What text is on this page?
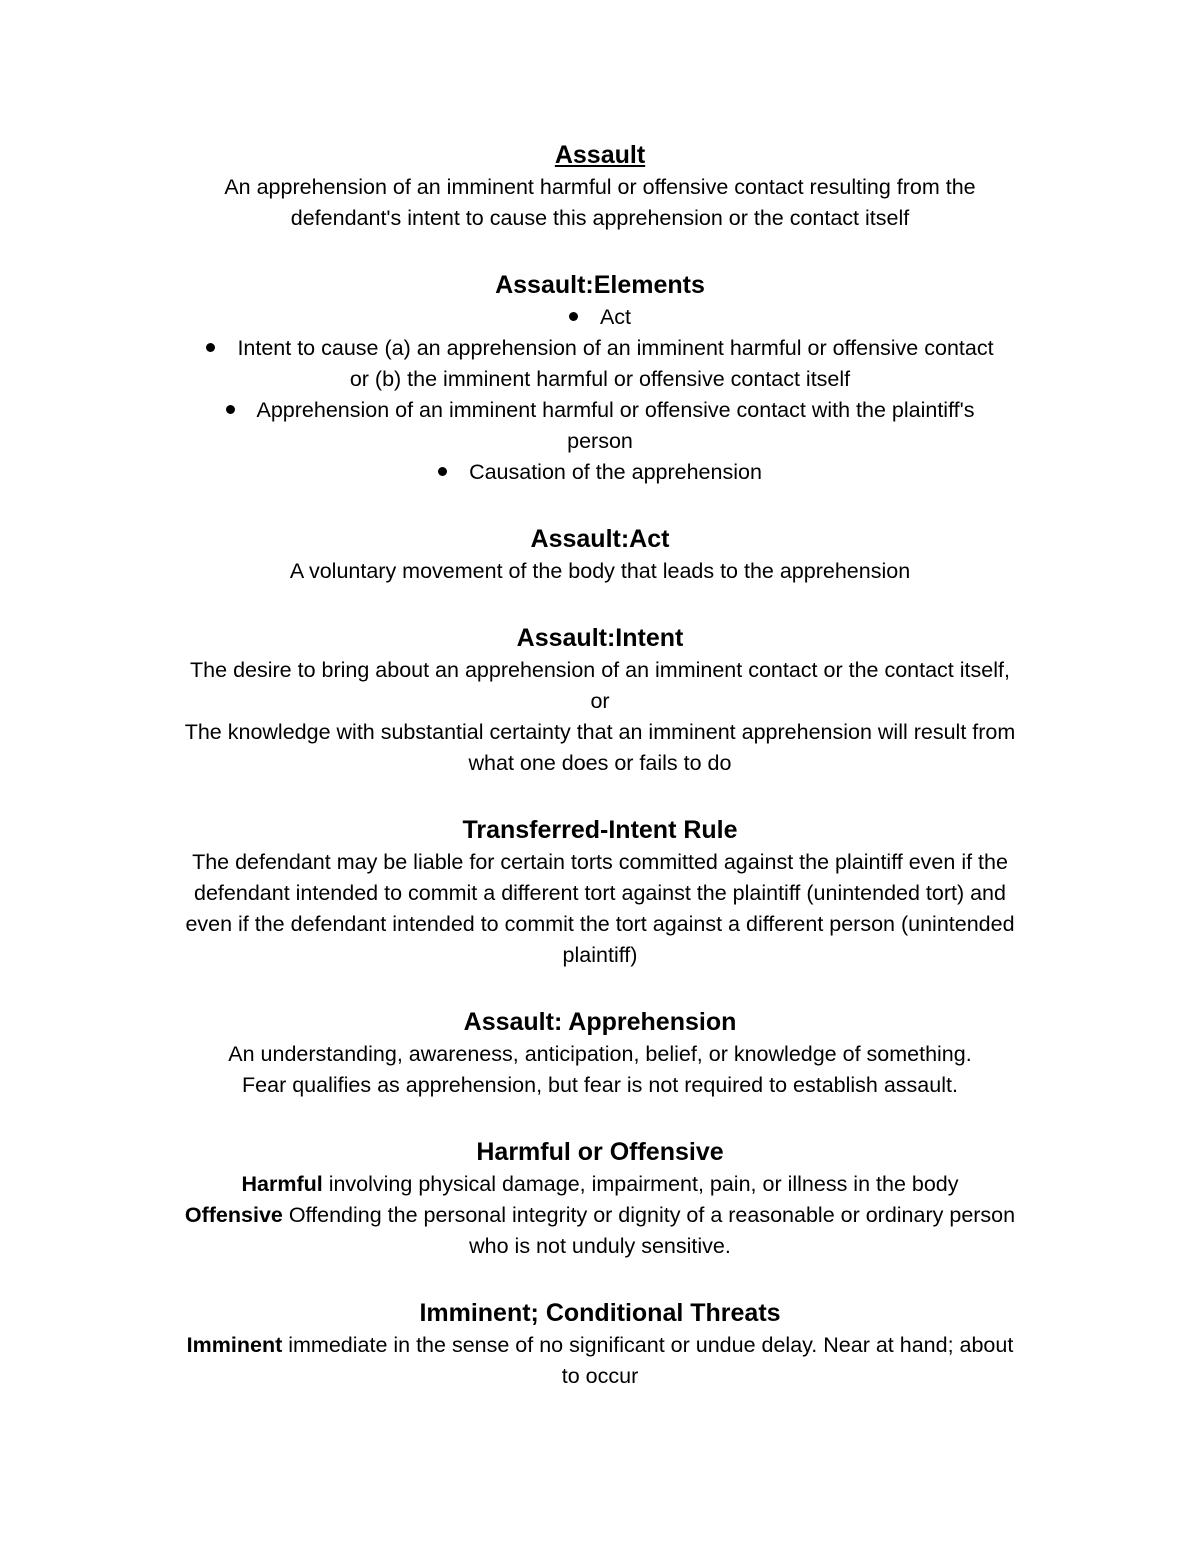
Assault

An apprehension of an imminent harmful or offensive contact resulting from the

defendant's intent to cause this apprehension or the contact itself

Assault:Elements

Act
Intent to cause (a) an apprehension of an imminent harmful or offensive contact
or (b) the imminent harmful or offensive contact itself
Apprehension of an imminent harmful or offensive contact with the plaintiff's
person
Causation of the apprehension

Assault:Act

A voluntary movement of the body that leads to the apprehension

Assault:Intent

The desire to bring about an apprehension of an imminent contact or the contact itself,

or

The knowledge with substantial certainty that an imminent apprehension will result from

what one does or fails to do

Transferred-Intent Rule

The defendant may be liable for certain torts committed against the plaintiff even if the

defendant intended to commit a different tort against the plaintiff (unintended tort) and

even if the defendant intended to commit the tort against a different person (unintended

plaintiff)

Assault: Apprehension

An understanding, awareness, anticipation, belief, or knowledge of something.

Fear qualifies as apprehension, but fear is not required to establish assault.

Harmful or Offensive

Harmful involving physical damage, impairment, pain, or illness in the body

Offensive Offending the personal integrity or dignity of a reasonable or ordinary person

who is not unduly sensitive.

Imminent; Conditional Threats

Imminent immediate in the sense of no significant or undue delay. Near at hand; about

to occur
